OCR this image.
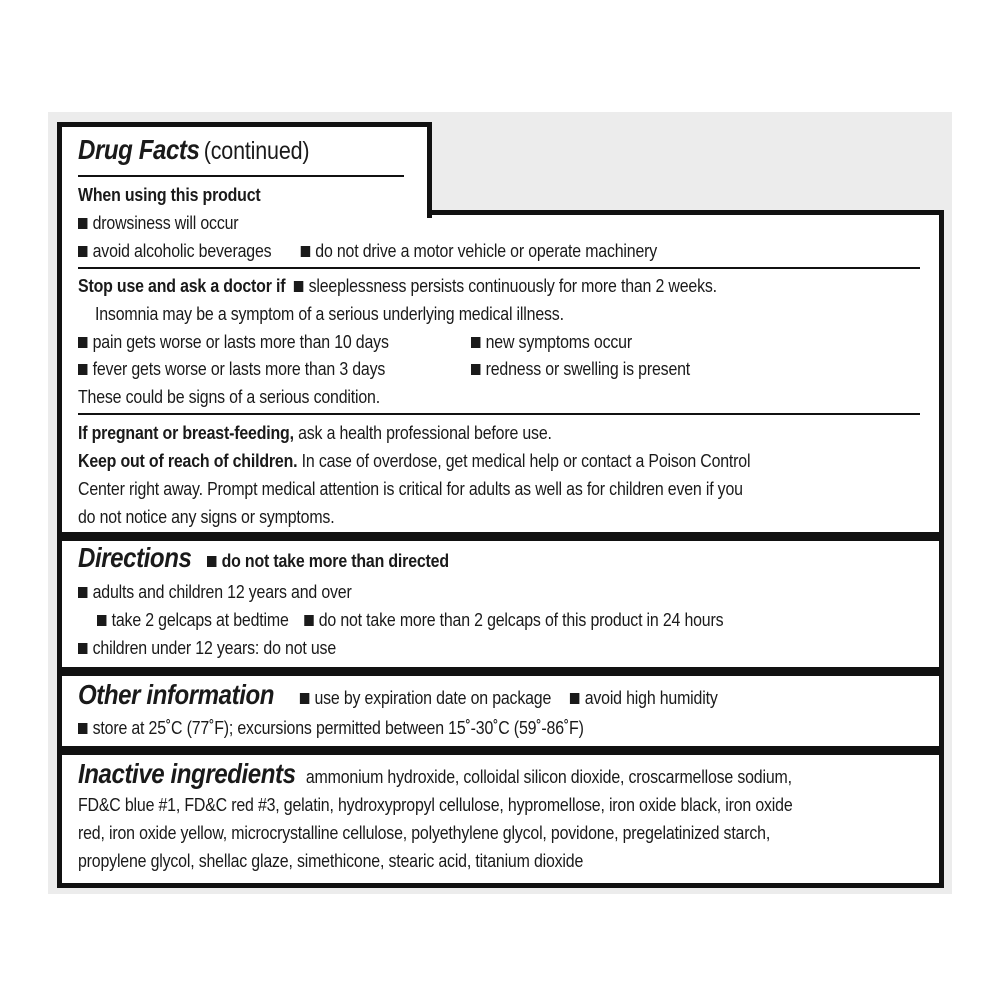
Drug Facts (continued)
When using this product
drowsiness will occur
avoid alcoholic beverages do not drive a motor vehicle or operate machinery
Stop use and ask a doctor if sleeplessness persists continuously for more than 2 weeks.
Insomnia may be a symptom of a serious underlying medical illness.
pain gets worse or lasts more than 10 days	new symptoms occur
fever gets worse or lasts more than 3 days	redness or swelling is present
These could be signs of a serious condition.
If pregnant or breast-feeding, ask a health professional before use.
Keep out of reach of children. In case of overdose, get medical help or contact a Poison Control
Center right away. Prompt medical attention is critical for adults as well as for children even if you
do not notice any signs or symptoms.
Directions do not take more than directed
adults and children 12 years and over
take 2 gelcaps at bedtime do not take more than 2 gelcaps of this product in 24 hours
children under 12 years: do not use
Other information use by expiration date on package avoid high humidity
store at 25˚C (77˚F); excursions permitted between 15˚-30˚C (59˚-86˚F)
Inactive ingredients ammonium hydroxide, colloidal silicon dioxide, croscarmellose sodium,
FD&C blue #1, FD&C red #3, gelatin, hydroxypropyl cellulose, hypromellose, iron oxide black, iron oxide
red, iron oxide yellow, microcrystalline cellulose, polyethylene glycol, povidone, pregelatinized starch,
propylene glycol, shellac glaze, simethicone, stearic acid, titanium dioxide
